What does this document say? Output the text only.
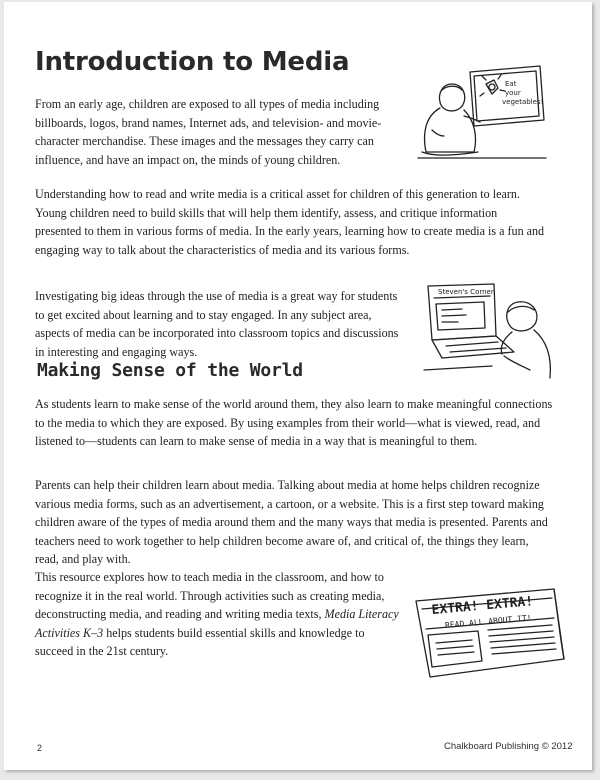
Introduction to Media

From an early age, children are exposed to all types of media including billboards, logos, brand names, Internet ads, and television- and movie-character merchandise. These images and the messages they carry can influence, and have an impact on, the minds of young children.

Eat
your
vegetables!

Understanding how to read and write media is a critical asset for children of this generation to learn. Young children need to build skills that will help them identify, assess, and critique information presented to them in various forms of media. In the early years, learning how to create media is a fun and engaging way to talk about the characteristics of media and its various forms.

Investigating big ideas through the use of media is a great way for students to get excited about learning and to stay engaged. In any subject area, aspects of media can be incorporated into classroom topics and discussions in interesting and engaging ways.

Steven's Corner
Making Sense of the World

As students learn to make sense of the world around them, they also learn to make meaningful connections to the media to which they are exposed. By using examples from their world—what is viewed, read, and listened to—students can learn to make sense of media in a way that is meaningful to them.

Parents can help their children learn about media. Talking about media at home helps children recognize various media forms, such as an advertisement, a cartoon, or a website. This is a first step toward making children aware of the types of media around them and the many ways that media is presented. Parents and teachers need to work together to help children become aware of, and critical of, the things they learn, read, and play with.

This resource explores how to teach media in the classroom, and how to recognize it in the real world. Through activities such as creating media, deconstructing media, and reading and writing media texts, Media Literacy Activities K–3 helps students build essential skills and knowledge to succeed in the 21st century.

EXTRA! EXTRA!
READ ALL ABOUT IT!
2	Chalkboard Publishing © 2012
